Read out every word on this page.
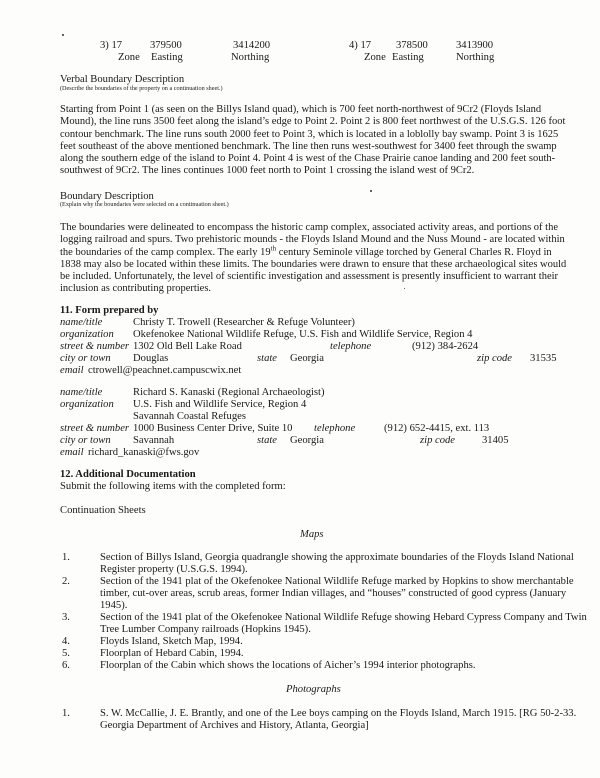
3) 17	379500	3414200
Zone Easting	Northing
4) 17 378500	3413900
Zone Easting	Northing
Verbal Boundary Description
(Describe the boundaries of the property on a continuation sheet.)
Starting from Point 1 (as seen on the Billys Island quad), which is 700 feet north-northwest of 9Cr2 (Floyds Island Mound), the line runs 3500 feet along the island’s edge to Point 2. Point 2 is 800 feet northwest of the U.S.G.S. 126 foot contour benchmark. The line runs south 2000 feet to Point 3, which is located in a loblolly bay swamp. Point 3 is 1625 feet southeast of the above mentioned benchmark. The line then runs west-southwest for 3400 feet through the swamp along the southern edge of the island to Point 4. Point 4 is west of the Chase Prairie canoe landing and 200 feet south-southwest of 9Cr2. The lines continues 1000 feet north to Point 1 crossing the island west of 9Cr2.
Boundary Description
(Explain why the boundaries were selected on a continuation sheet.)
The boundaries were delineated to encompass the historic camp complex, associated activity areas, and portions of the logging railroad and spurs. Two prehistoric mounds - the Floyds Island Mound and the Nuss Mound - are located within the boundaries of the camp complex. The early 19th century Seminole village torched by General Charles R. Floyd in 1838 may also be located within these limits. The boundaries were drawn to ensure that these archaeological sites would be included. Unfortunately, the level of scientific investigation and assessment is presently insufficient to warrant their inclusion as contributing properties.
11. Form prepared by
name/title	Christy T. Trowell (Researcher & Refuge Volunteer)
organization Okefenokee National Wildlife Refuge, U.S. Fish and Wildlife Service, Region 4
street & number 1302 Old Bell Lake Road	telephone	(912) 384-2624
city or town Douglas	state Georgia	zip code 31535
email ctrowell@peachnet.campuscwix.net
name/title	Richard S. Kanaski (Regional Archaeologist)
organization U.S. Fish and Wildlife Service, Region 4
Savannah Coastal Refuges
street & number 1000 Business Center Drive, Suite 10 telephone	(912) 652-4415, ext. 113
city or town Savannah	state Georgia	zip code	31405
email richard_kanaski@fws.gov
12. Additional Documentation
Submit the following items with the completed form:
Continuation Sheets
Maps
1.	Section of Billys Island, Georgia quadrangle showing the approximate boundaries of the Floyds Island National
Register property (U.S.G.S. 1994).
2.	Section of the 1941 plat of the Okefenokee National Wildlife Refuge marked by Hopkins to show merchantable
timber, cut-over areas, scrub areas, former Indian villages, and “houses” constructed of good cypress (January
1945).
3.	Section of the 1941 plat of the Okefenokee National Wildlife Refuge showing Hebard Cypress Company and Twin
Tree Lumber Company railroads (Hopkins 1945).
4.	Floyds Island, Sketch Map, 1994.
5.	Floorplan of Hebard Cabin, 1994.
6.	Floorplan of the Cabin which shows the locations of Aicher’s 1994 interior photographs.
Photographs
1.	S. W. McCallie, J. E. Brantly, and one of the Lee boys camping on the Floyds Island, March 1915. [RG 50-2-33.
Georgia Department of Archives and History, Atlanta, Georgia]
